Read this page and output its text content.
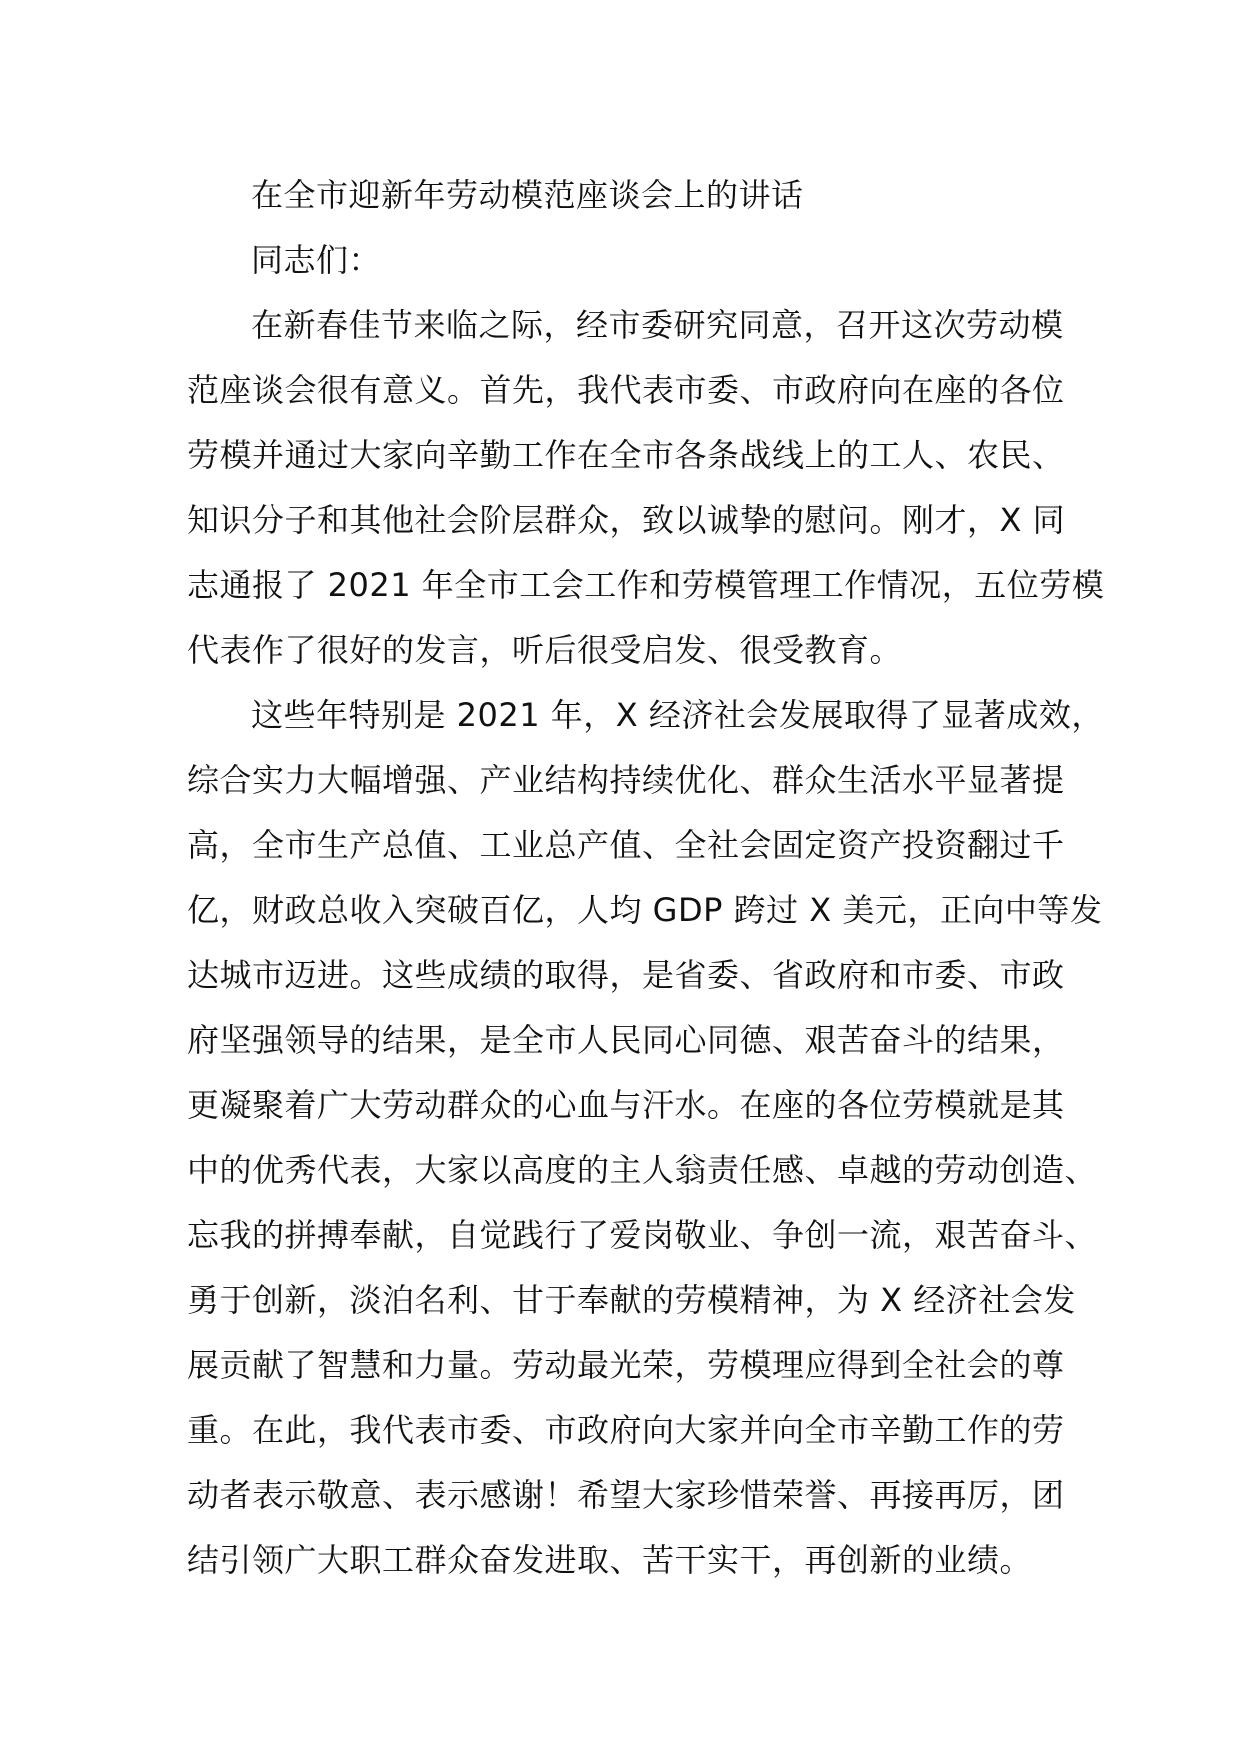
在全市迎新年劳动模范座谈会上的讲话
同志们：
在新春佳节来临之际，经市委研究同意，召开这次劳动模
范座谈会很有意义。首先，我代表市委、市政府向在座的各位
劳模并通过大家向辛勤工作在全市各条战线上的工人、农民、
知识分子和其他社会阶层群众，致以诚挚的慰问。刚才，X 同
志通报了 2021 年全市工会工作和劳模管理工作情况，五位劳模
代表作了很好的发言，听后很受启发、很受教育。
这些年特别是 2021 年，X 经济社会发展取得了显著成效，
综合实力大幅增强、产业结构持续优化、群众生活水平显著提
高，全市生产总值、工业总产值、全社会固定资产投资翻过千
亿，财政总收入突破百亿，人均 GDP 跨过 X 美元，正向中等发
达城市迈进。这些成绩的取得，是省委、省政府和市委、市政
府坚强领导的结果，是全市人民同心同德、艰苦奋斗的结果，
更凝聚着广大劳动群众的心血与汗水。在座的各位劳模就是其
中的优秀代表，大家以高度的主人翁责任感、卓越的劳动创造、
忘我的拼搏奉献，自觉践行了爱岗敬业、争创一流，艰苦奋斗、
勇于创新，淡泊名利、甘于奉献的劳模精神，为 X 经济社会发
展贡献了智慧和力量。劳动最光荣，劳模理应得到全社会的尊
重。在此，我代表市委、市政府向大家并向全市辛勤工作的劳
动者表示敬意、表示感谢！希望大家珍惜荣誉、再接再厉，团
结引领广大职工群众奋发进取、苦干实干，再创新的业绩。
